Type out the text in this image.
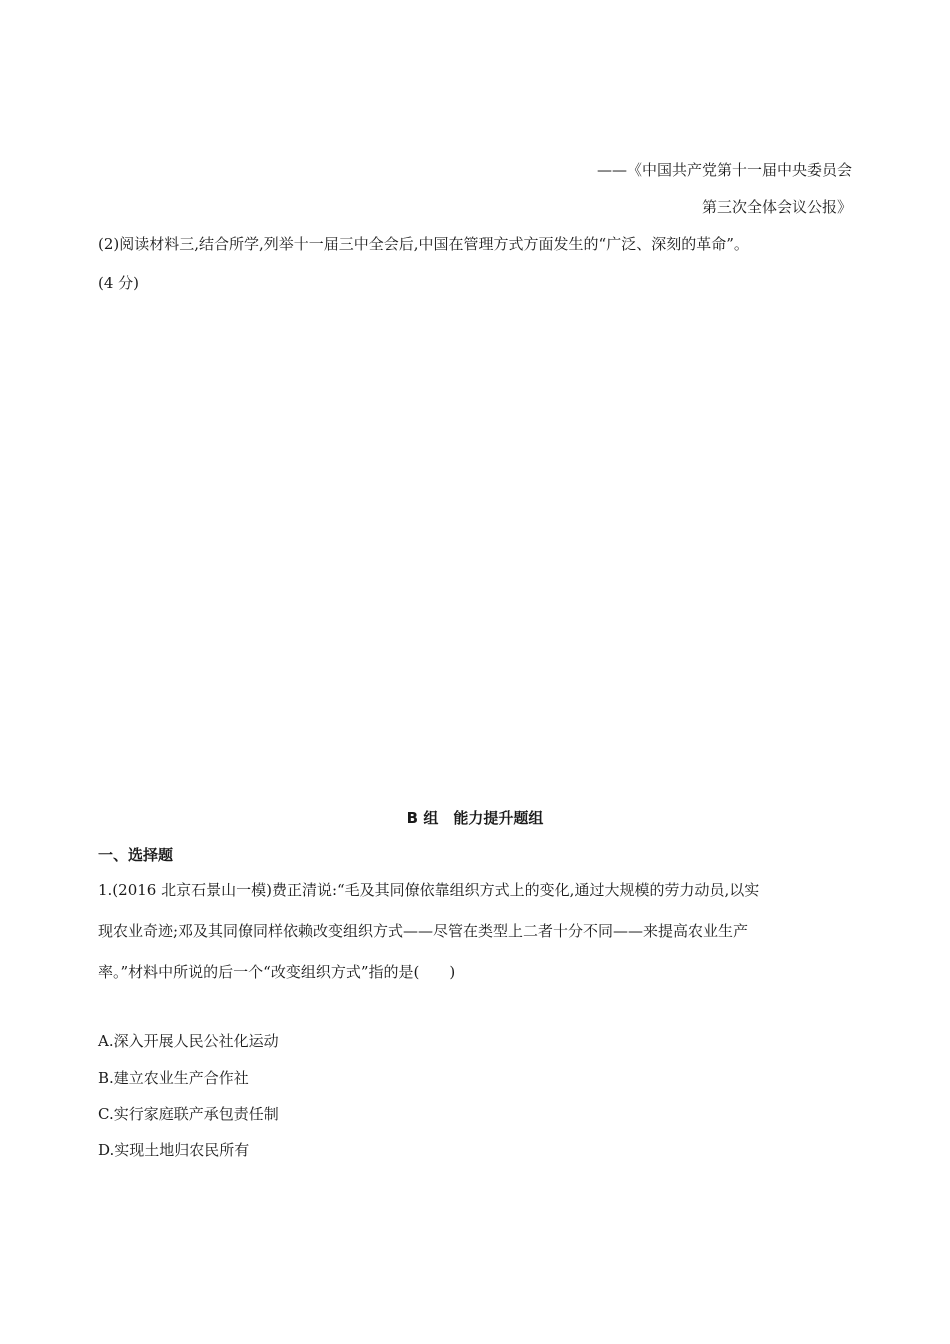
——《中国共产党第十一届中央委员会
第三次全体会议公报》
(2)阅读材料三,结合所学,列举十一届三中全会后,中国在管理方式方面发生的“广泛、深刻的革命”。
(4 分)
B 组　能力提升题组
一、选择题
1.(2016 北京石景山一模)费正清说:“毛及其同僚依靠组织方式上的变化,通过大规模的劳力动员,以实
现农业奇迹;邓及其同僚同样依赖改变组织方式——尽管在类型上二者十分不同——来提高农业生产
率。”材料中所说的后一个“改变组织方式”指的是(　　)
A.深入开展人民公社化运动
B.建立农业生产合作社
C.实行家庭联产承包责任制
D.实现土地归农民所有
